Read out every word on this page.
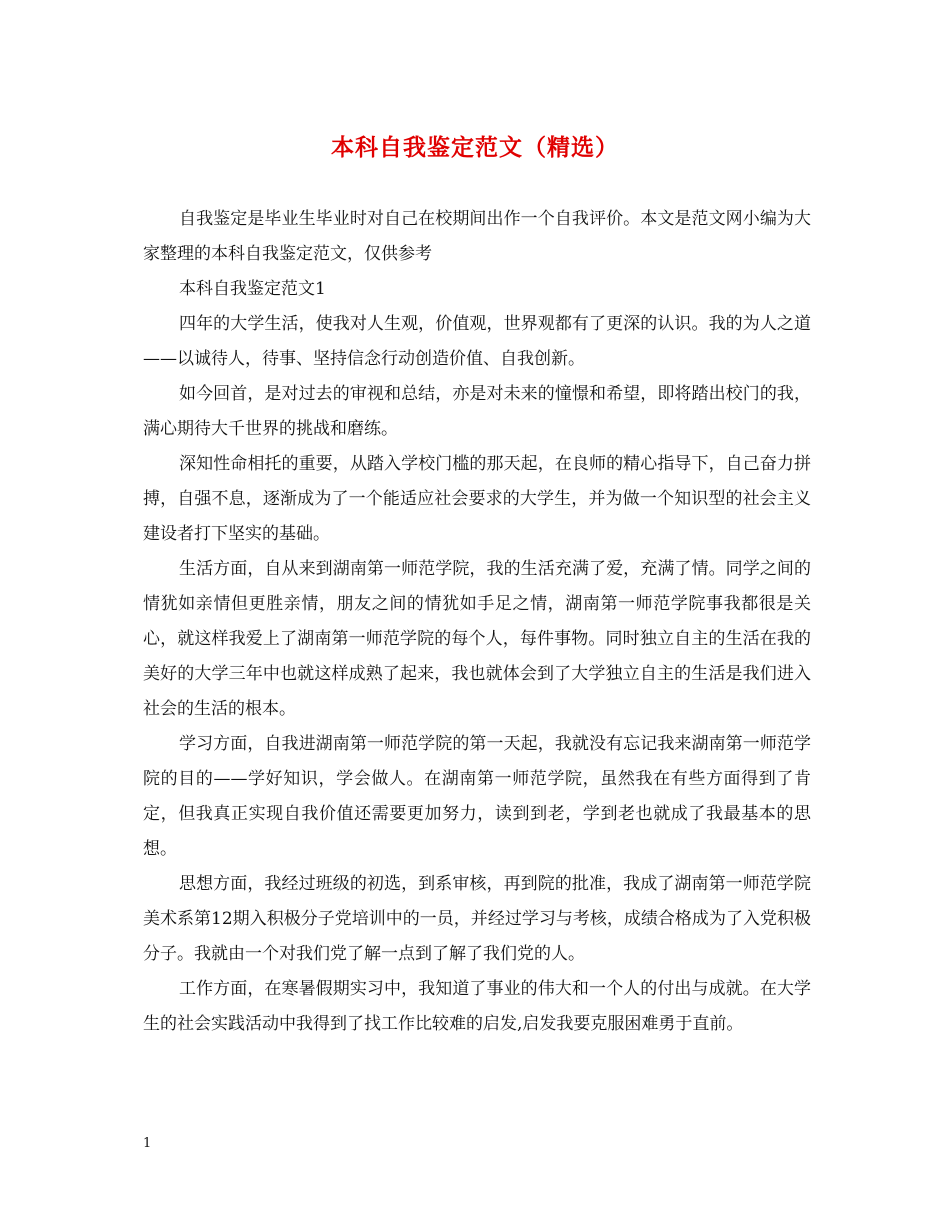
本科自我鉴定范文（精选）

自我鉴定是毕业生毕业时对自己在校期间出作一个自我评价。本文是范文网小编为大家整理的本科自我鉴定范文，仅供参考

本科自我鉴定范文1

四年的大学生活，使我对人生观，价值观，世界观都有了更深的认识。我的为人之道——以诚待人，待事、坚持信念行动创造价值、自我创新。

如今回首，是对过去的审视和总结，亦是对未来的憧憬和希望，即将踏出校门的我，满心期待大千世界的挑战和磨练。

深知性命相托的重要，从踏入学校门槛的那天起，在良师的精心指导下，自己奋力拼搏，自强不息，逐渐成为了一个能适应社会要求的大学生，并为做一个知识型的社会主义建设者打下坚实的基础。

生活方面，自从来到湖南第一师范学院，我的生活充满了爱，充满了情。同学之间的情犹如亲情但更胜亲情，朋友之间的情犹如手足之情，湖南第一师范学院事我都很是关心，就这样我爱上了湖南第一师范学院的每个人，每件事物。同时独立自主的生活在我的美好的大学三年中也就这样成熟了起来，我也就体会到了大学独立自主的生活是我们进入社会的生活的根本。

学习方面，自我进湖南第一师范学院的第一天起，我就没有忘记我来湖南第一师范学院的目的——学好知识，学会做人。在湖南第一师范学院，虽然我在有些方面得到了肯定，但我真正实现自我价值还需要更加努力，读到到老，学到老也就成了我最基本的思想。

思想方面，我经过班级的初选，到系审核，再到院的批准，我成了湖南第一师范学院美术系第12期入积极分子党培训中的一员，并经过学习与考核，成绩合格成为了入党积极分子。我就由一个对我们党了解一点到了解了我们党的人。

工作方面，在寒暑假期实习中，我知道了事业的伟大和一个人的付出与成就。在大学生的社会实践活动中我得到了找工作比较难的启发,启发我要克服困难勇于直前。

1
